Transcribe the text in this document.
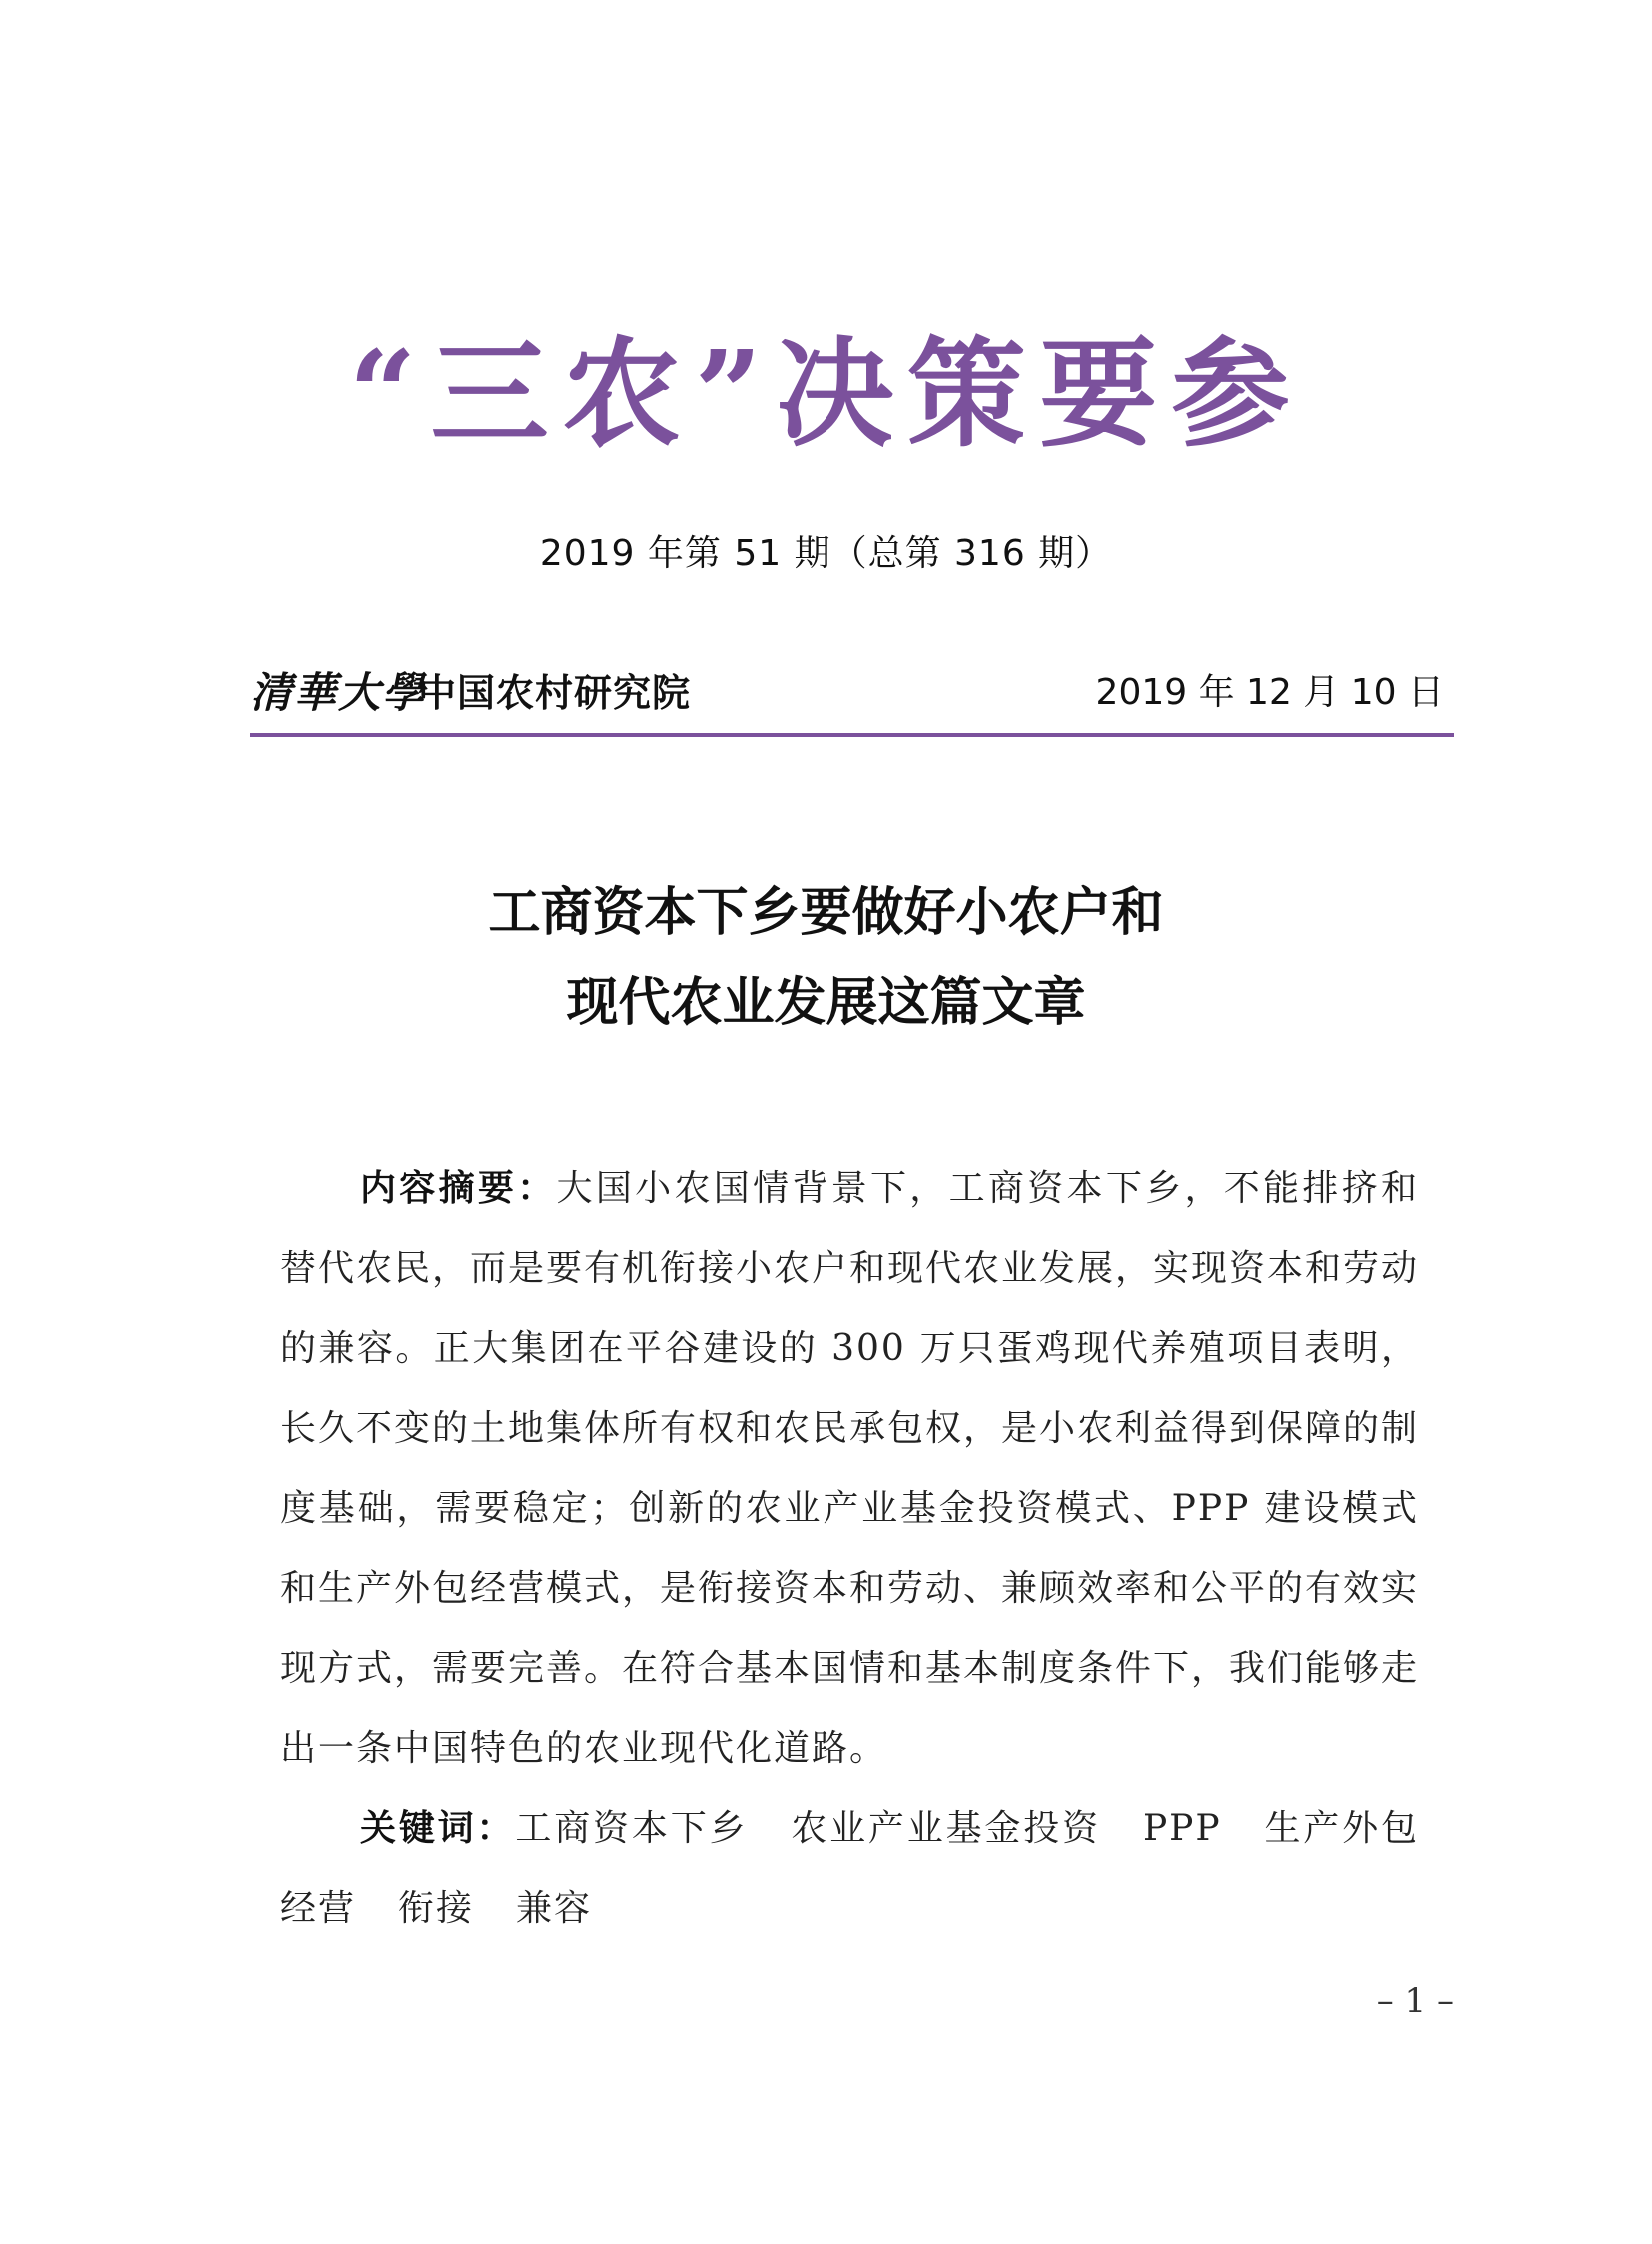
“三农”决策要参
2019 年第 51 期（总第 316 期）
清華大學
中国农村研究院	2019 年 12 月 10 日
工商资本下乡要做好小农户和
现代农业发展这篇文章

内容摘要：大国小农国情背景下，工商资本下乡，不能排挤和替代农民，而是要有机衔接小农户和现代农业发展，实现资本和劳动的兼容。正大集团在平谷建设的 300 万只蛋鸡现代养殖项目表明，长久不变的土地集体所有权和农民承包权，是小农利益得到保障的制度基础，需要稳定；创新的农业产业基金投资模式、PPP 建设模式和生产外包经营模式，是衔接资本和劳动、兼顾效率和公平的有效实现方式，需要完善。在符合基本国情和基本制度条件下，我们能够走出一条中国特色的农业现代化道路。

关键词：工商资本下乡 农业产业基金投资 PPP 生产外包经营 衔接 兼容

– 1 –
